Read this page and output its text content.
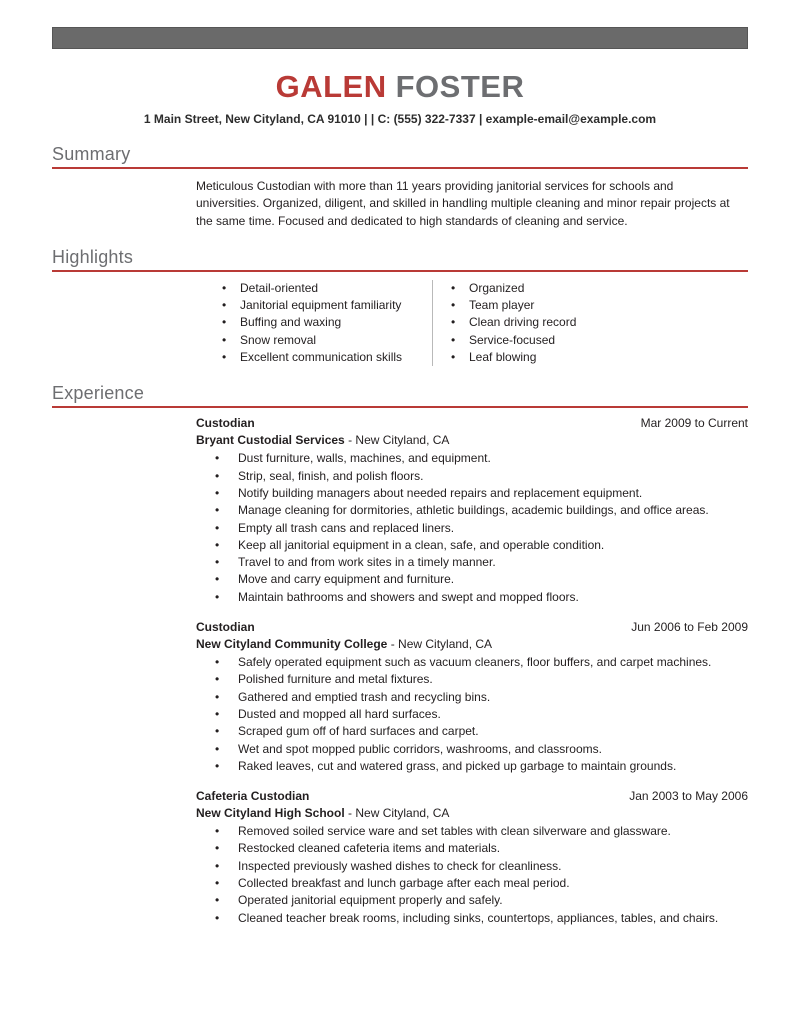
GALEN FOSTER
1 Main Street, New Cityland, CA 91010 | | C: (555) 322-7337 | example-email@example.com
Summary

Meticulous Custodian with more than 11 years providing janitorial services for schools and universities. Organized, diligent, and skilled in handling multiple cleaning and minor repair projects at the same time. Focused and dedicated to high standards of cleaning and service.

Highlights
•	Detail-oriented
•	Janitorial equipment familiarity
•	Buffing and waxing
•	Snow removal
•	Excellent communication skills
•	Organized
•	Team player
•	Clean driving record
•	Service-focused
•	Leaf blowing
Experience
Custodian	Mar 2009 to Current
Bryant Custodial Services - New Cityland, CA
•	Dust furniture, walls, machines, and equipment.
•	Strip, seal, finish, and polish floors.
•	Notify building managers about needed repairs and replacement equipment.
•	Manage cleaning for dormitories, athletic buildings, academic buildings, and office areas.
•	Empty all trash cans and replaced liners.
•	Keep all janitorial equipment in a clean, safe, and operable condition.
•	Travel to and from work sites in a timely manner.
•	Move and carry equipment and furniture.
•	Maintain bathrooms and showers and swept and mopped floors.
Custodian	Jun 2006 to Feb 2009
New Cityland Community College - New Cityland, CA
•	Safely operated equipment such as vacuum cleaners, floor buffers, and carpet machines.
•	Polished furniture and metal fixtures.
•	Gathered and emptied trash and recycling bins.
•	Dusted and mopped all hard surfaces.
•	Scraped gum off of hard surfaces and carpet.
•	Wet and spot mopped public corridors, washrooms, and classrooms.
•	Raked leaves, cut and watered grass, and picked up garbage to maintain grounds.
Cafeteria Custodian	Jan 2003 to May 2006
New Cityland High School - New Cityland, CA
•	Removed soiled service ware and set tables with clean silverware and glassware.
•	Restocked cleaned cafeteria items and materials.
•	Inspected previously washed dishes to check for cleanliness.
•	Collected breakfast and lunch garbage after each meal period.
•	Operated janitorial equipment properly and safely.
•	Cleaned teacher break rooms, including sinks, countertops, appliances, tables, and chairs.
